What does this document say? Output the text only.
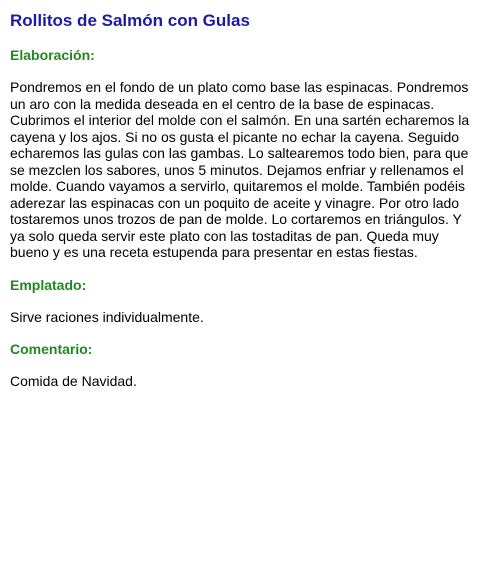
Rollitos de Salmón con Gulas
Elaboración:

Pondremos en el fondo de un plato como base las espinacas. Pondremos un aro con la medida deseada en el centro de la base de espinacas. Cubrimos el interior del molde con el salmón. En una sartén echaremos la cayena y los ajos. Si no os gusta el picante no echar la cayena. Seguido echaremos las gulas con las gambas. Lo saltearemos todo bien, para que se mezclen los sabores, unos 5 minutos. Dejamos enfriar y rellenamos el molde. Cuando vayamos a servirlo, quitaremos el molde. También podéis aderezar las espinacas con un poquito de aceite y vinagre. Por otro lado tostaremos unos trozos de pan de molde. Lo cortaremos en triángulos. Y ya solo queda servir este plato con las tostaditas de pan. Queda muy bueno y es una receta estupenda para presentar en estas fiestas.

Emplatado:

Sirve raciones individualmente.

Comentario:

Comida de Navidad.
